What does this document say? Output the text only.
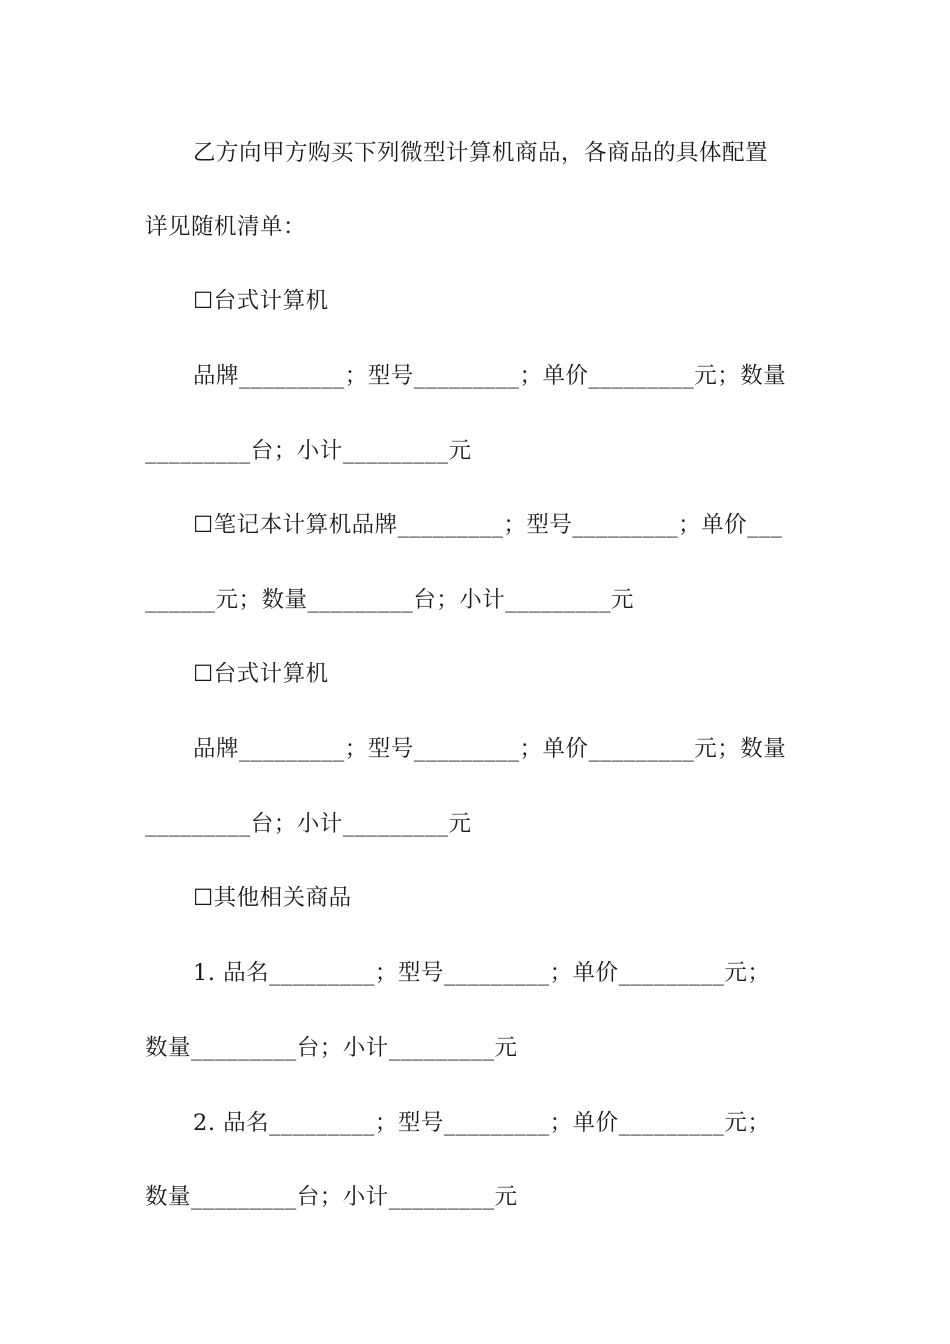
乙方向甲方购买下列微型计算机商品，各商品的具体配置
详见随机清单：
☐台式计算机
品牌_________；型号_________；单价_________元；数量
_________台；小计_________元
☐笔记本计算机品牌_________；型号_________；单价___
______元；数量_________台；小计_________元
☐台式计算机
品牌_________；型号_________；单价_________元；数量
_________台；小计_________元
☐其他相关商品
1. 品名_________；型号_________；单价_________元；
数量_________台；小计_________元
2. 品名_________；型号_________；单价_________元；
数量_________台；小计_________元
